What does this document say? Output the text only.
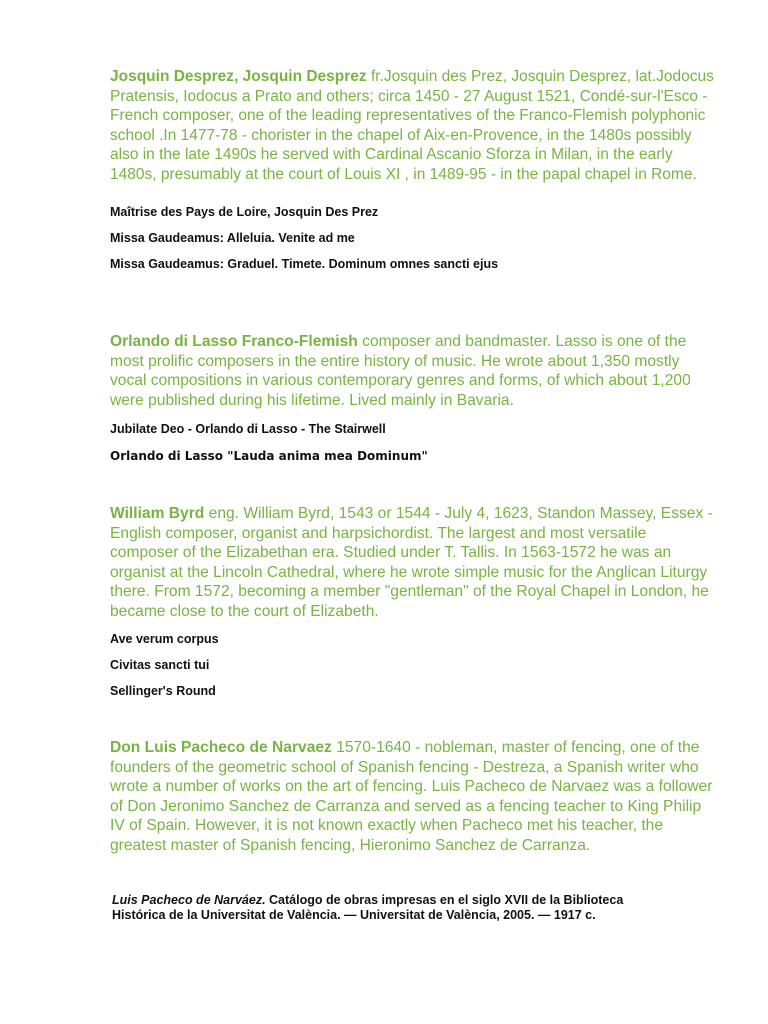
Josquin Desprez, Josquin Desprez fr.Josquin des Prez, Josquin Desprez, lat.Jodocus Pratensis, Iodocus a Prato and others; circa 1450 - 27 August 1521, Condé-sur-l'Esco - French composer, one of the leading representatives of the Franco-Flemish polyphonic school .In 1477-78 - chorister in the chapel of Aix-en-Provence, in the 1480s possibly also in the late 1490s he served with Cardinal Ascanio Sforza in Milan, in the early 1480s, presumably at the court of Louis XI , in 1489-95 - in the papal chapel in Rome.

Maîtrise des Pays de Loire, Josquin Des Prez

Missa Gaudeamus: Alleluia. Venite ad me

Missa Gaudeamus: Graduel. Timete. Dominum omnes sancti ejus

Orlando di Lasso Franco-Flemish composer and bandmaster. Lasso is one of the most prolific composers in the entire history of music. He wrote about 1,350 mostly vocal compositions in various contemporary genres and forms, of which about 1,200 were published during his lifetime. Lived mainly in Bavaria.

Jubilate Deo - Orlando di Lasso - The Stairwell

Orlando di Lasso "Lauda anima mea Dominum"

William Byrd eng. William Byrd, 1543 or 1544 - July 4, 1623, Standon Massey, Essex - English composer, organist and harpsichordist. The largest and most versatile composer of the Elizabethan era. Studied under T. Tallis. In 1563-1572 he was an organist at the Lincoln Cathedral, where he wrote simple music for the Anglican Liturgy there. From 1572, becoming a member "gentleman" of the Royal Chapel in London, he became close to the court of Elizabeth.

Ave verum corpus

Civitas sancti tui

Sellinger's Round

Don Luis Pacheco de Narvaez 1570-1640 - nobleman, master of fencing, one of the founders of the geometric school of Spanish fencing - Destreza, a Spanish writer who wrote a number of works on the art of fencing. Luis Pacheco de Narvaez was a follower of Don Jeronimo Sanchez de Carranza and served as a fencing teacher to King Philip IV of Spain. However, it is not known exactly when Pacheco met his teacher, the greatest master of Spanish fencing, Hieronimo Sanchez de Carranza.

Luis Pacheco de Narváez. Catálogo de obras impresas en el siglo XVII de la Biblioteca Histórica de la Universitat de València. — Universitat de València, 2005. — 1917 c.
